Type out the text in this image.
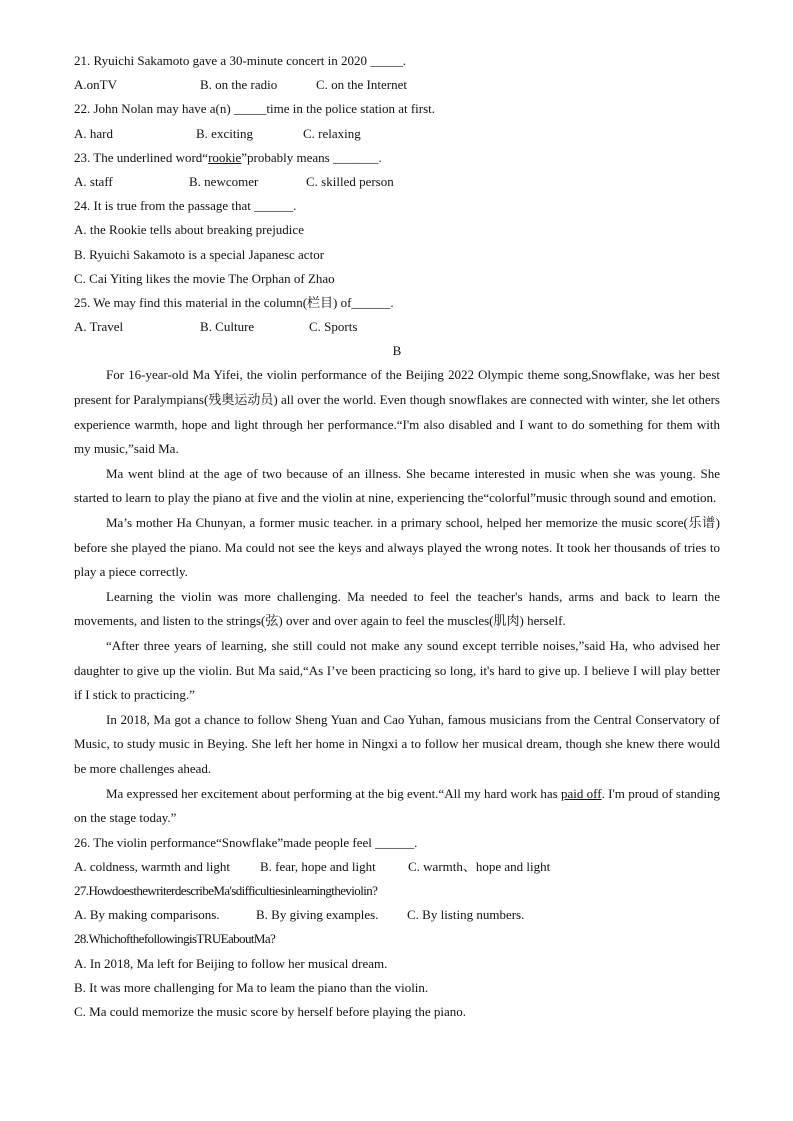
21. Ryuichi Sakamoto gave a 30-minute concert in 2020 _____.
A.onTV	B. on the radio	C. on the Internet
22. John Nolan may have a(n) _____time in the police station at first.
A. hard	B. exciting	C. relaxing
23. The underlined word“rookie”probably means _______.
A. staff	B. newcomer	C. skilled person
24. It is true from the passage that ______.
A. the Rookie tells about breaking prejudice
B. Ryuichi Sakamoto is a special Japanesc actor
C. Cai Yiting likes the movie The Orphan of Zhao
25. We may find this material in the column(栏目) of______.
A. Travel	B. Culture	C. Sports
B

For 16-year-old Ma Yifei, the violin performance of the Beijing 2022 Olympic theme song,Snowflake, was her best present for Paralympians(残奥运动员) all over the world. Even though snowflakes are connected with winter, she let others experience warmth, hope and light through her performance.“I'm also disabled and I want to do something for them with my music,”said Ma.

Ma went blind at the age of two because of an illness. She became interested in music when she was young. She started to learn to play the piano at five and the violin at nine, experiencing the“colorful”music through sound and emotion.

Ma’s mother Ha Chunyan, a former music teacher. in a primary school, helped her memorize the music score(乐谱) before she played the piano. Ma could not see the keys and always played the wrong notes. It took her thousands of tries to play a piece correctly.

Learning the violin was more challenging. Ma needed to feel the teacher's hands, arms and back to learn the movements, and listen to the strings(弦) over and over again to feel the muscles(肌肉) herself.

“After three years of learning, she still could not make any sound except terrible noises,”said Ha, who advised her daughter to give up the violin. But Ma said,“As I’ve been practicing so long, it's hard to give up. I believe I will play better if I stick to practicing.”

In 2018, Ma got a chance to follow Sheng Yuan and Cao Yuhan, famous musicians from the Central Conservatory of Music, to study music in Beying. She left her home in Ningxi a to follow her musical dream, though she knew there would be more challenges ahead.

Ma expressed her excitement about performing at the big event.“All my hard work has paid off. I'm proud of standing on the stage today.”

26. The violin performance“Snowflake”made people feel ______.
A. coldness, warmth and light	B. fear, hope and light	C. warmth、hope and light
27.HowdoesthewriterdescribeMa'sdifficultiesinlearningtheviolin?
A. By making comparisons.	B. By giving examples.	C. By listing numbers.
28.WhichofthefollowingisTRUEaboutMa?
A. In 2018, Ma left for Beijing to follow her musical dream.
B. It was more challenging for Ma to leam the piano than the violin.
C. Ma could memorize the music score by herself before playing the piano.
